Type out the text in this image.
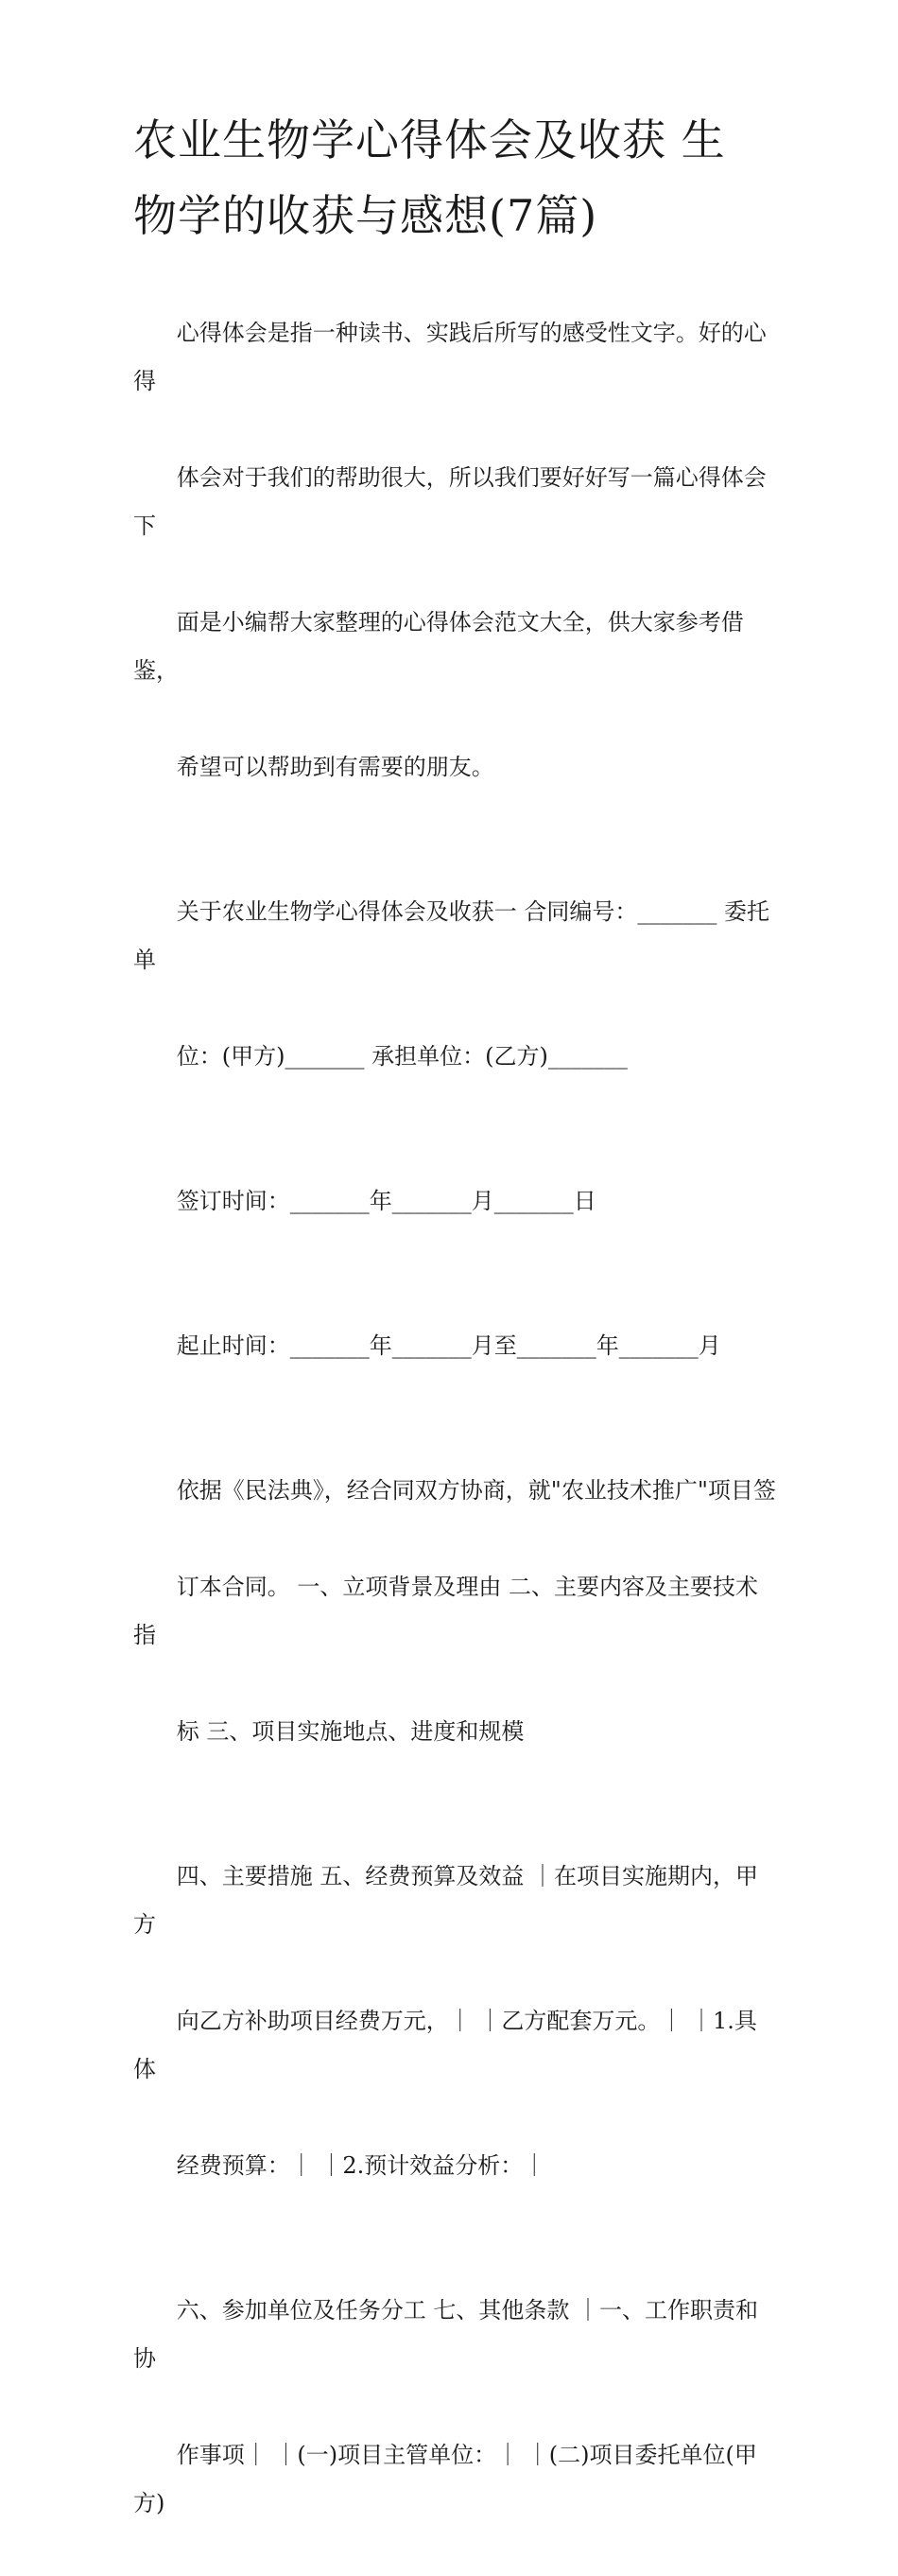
农业生物学心得体会及收获 生
物学的收获与感想(7篇)

心得体会是指一种读书、实践后所写的感受性文字。好的心得

体会对于我们的帮助很大，所以我们要好好写一篇心得体会下

面是小编帮大家整理的心得体会范文大全，供大家参考借鉴，

希望可以帮助到有需要的朋友。

关于农业生物学心得体会及收获一 合同编号：_______ 委托单

位：(甲方)_______ 承担单位：(乙方)_______

签订时间：_______年_______月_______日

起止时间：_______年_______月至_______年_______月

依据《民法典》，经合同双方协商，就"农业技术推广"项目签

订本合同。 一、立项背景及理由 二、主要内容及主要技术指

标 三、项目实施地点、进度和规模

四、主要措施 五、经费预算及效益 ｜在项目实施期内，甲方

向乙方补助项目经费万元，｜ ｜乙方配套万元。｜ ｜1.具体

经费预算：｜ ｜2.预计效益分析：｜

六、参加单位及任务分工 七、其他条款 ｜一、工作职责和协

作事项｜ ｜(一)项目主管单位：｜ ｜(二)项目委托单位(甲方)
